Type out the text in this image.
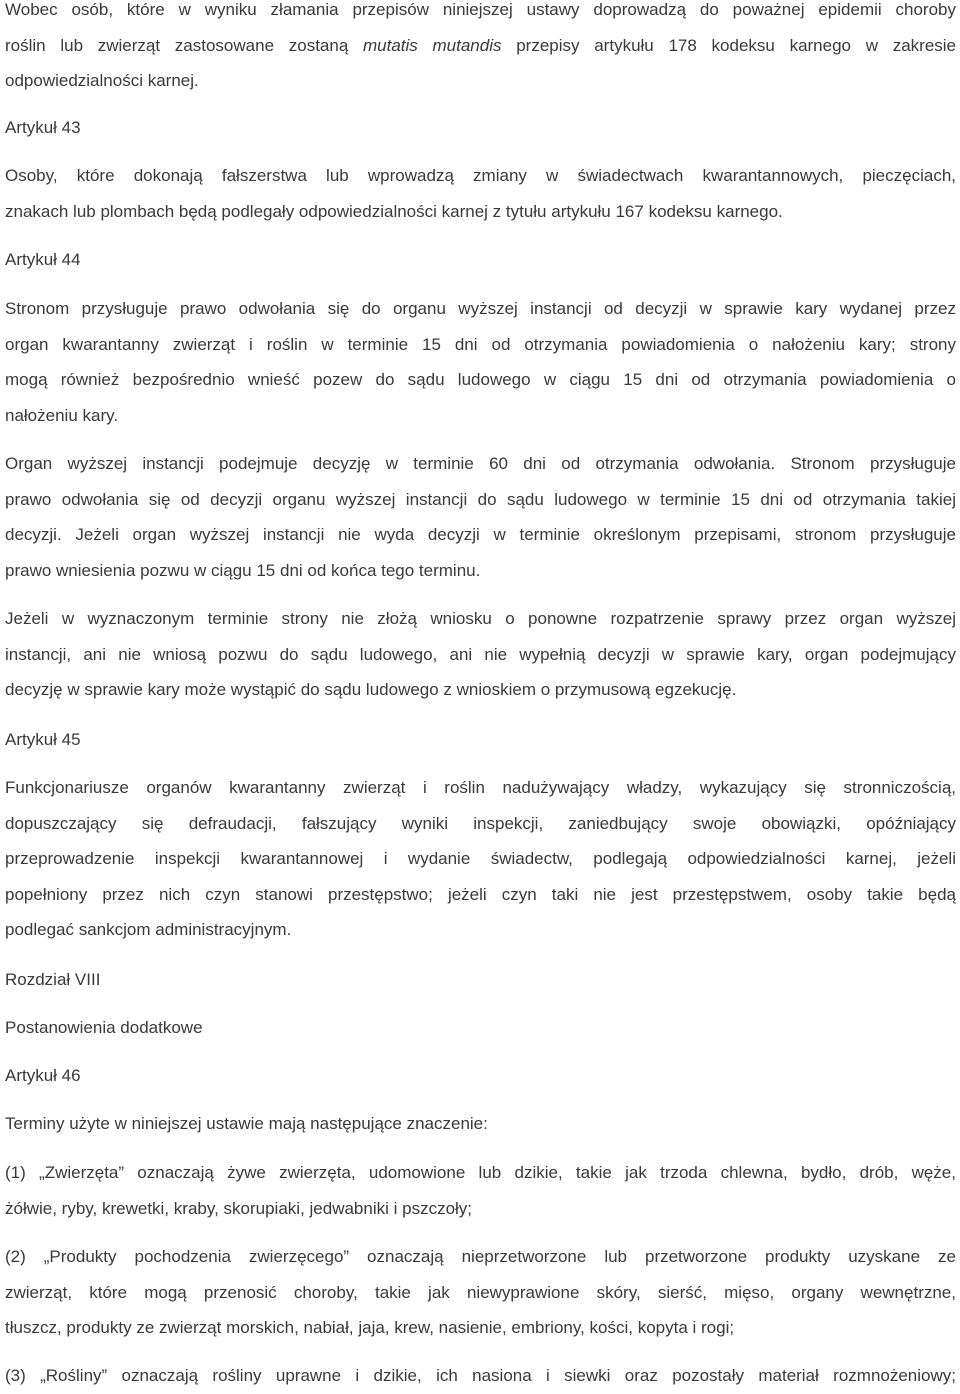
Wobec osób, które w wyniku złamania przepisów niniejszej ustawy doprowadzą do poważnej epidemii choroby
roślin lub zwierząt zastosowane zostaną mutatis mutandis przepisy artykułu 178 kodeksu karnego w zakresie
odpowiedzialności karnej.
Artykuł 43
Osoby, które dokonają fałszerstwa lub wprowadzą zmiany w świadectwach kwarantannowych, pieczęciach,
znakach lub plombach będą podlegały odpowiedzialności karnej z tytułu artykułu 167 kodeksu karnego.
Artykuł 44
Stronom przysługuje prawo odwołania się do organu wyższej instancji od decyzji w sprawie kary wydanej przez
organ kwarantanny zwierząt i roślin w terminie 15 dni od otrzymania powiadomienia o nałożeniu kary; strony
mogą również bezpośrednio wnieść pozew do sądu ludowego w ciągu 15 dni od otrzymania powiadomienia o
nałożeniu kary.
Organ wyższej instancji podejmuje decyzję w terminie 60 dni od otrzymania odwołania. Stronom przysługuje
prawo odwołania się od decyzji organu wyższej instancji do sądu ludowego w terminie 15 dni od otrzymania takiej
decyzji. Jeżeli organ wyższej instancji nie wyda decyzji w terminie określonym przepisami, stronom przysługuje
prawo wniesienia pozwu w ciągu 15 dni od końca tego terminu.
Jeżeli w wyznaczonym terminie strony nie złożą wniosku o ponowne rozpatrzenie sprawy przez organ wyższej
instancji, ani nie wniosą pozwu do sądu ludowego, ani nie wypełnią decyzji w sprawie kary, organ podejmujący
decyzję w sprawie kary może wystąpić do sądu ludowego z wnioskiem o przymusową egzekucję.
Artykuł 45
Funkcjonariusze organów kwarantanny zwierząt i roślin nadużywający władzy, wykazujący się stronniczością,
dopuszczający się defraudacji, fałszujący wyniki inspekcji, zaniedbujący swoje obowiązki, opóźniający
przeprowadzenie inspekcji kwarantannowej i wydanie świadectw, podlegają odpowiedzialności karnej, jeżeli
popełniony przez nich czyn stanowi przestępstwo; jeżeli czyn taki nie jest przestępstwem, osoby takie będą
podlegać sankcjom administracyjnym.
Rozdział VIII
Postanowienia dodatkowe
Artykuł 46
Terminy użyte w niniejszej ustawie mają następujące znaczenie:
(1) „Zwierzęta” oznaczają żywe zwierzęta, udomowione lub dzikie, takie jak trzoda chlewna, bydło, drób, węże,
żółwie, ryby, krewetki, kraby, skorupiaki, jedwabniki i pszczoły;
(2) „Produkty pochodzenia zwierzęcego” oznaczają nieprzetworzone lub przetworzone produkty uzyskane ze
zwierząt, które mogą przenosić choroby, takie jak niewyprawione skóry, sierść, mięso, organy wewnętrzne,
tłuszcz, produkty ze zwierząt morskich, nabiał, jaja, krew, nasienie, embriony, kości, kopyta i rogi;
(3) „Rośliny” oznaczają rośliny uprawne i dzikie, ich nasiona i siewki oraz pozostały materiał rozmnożeniowy;
